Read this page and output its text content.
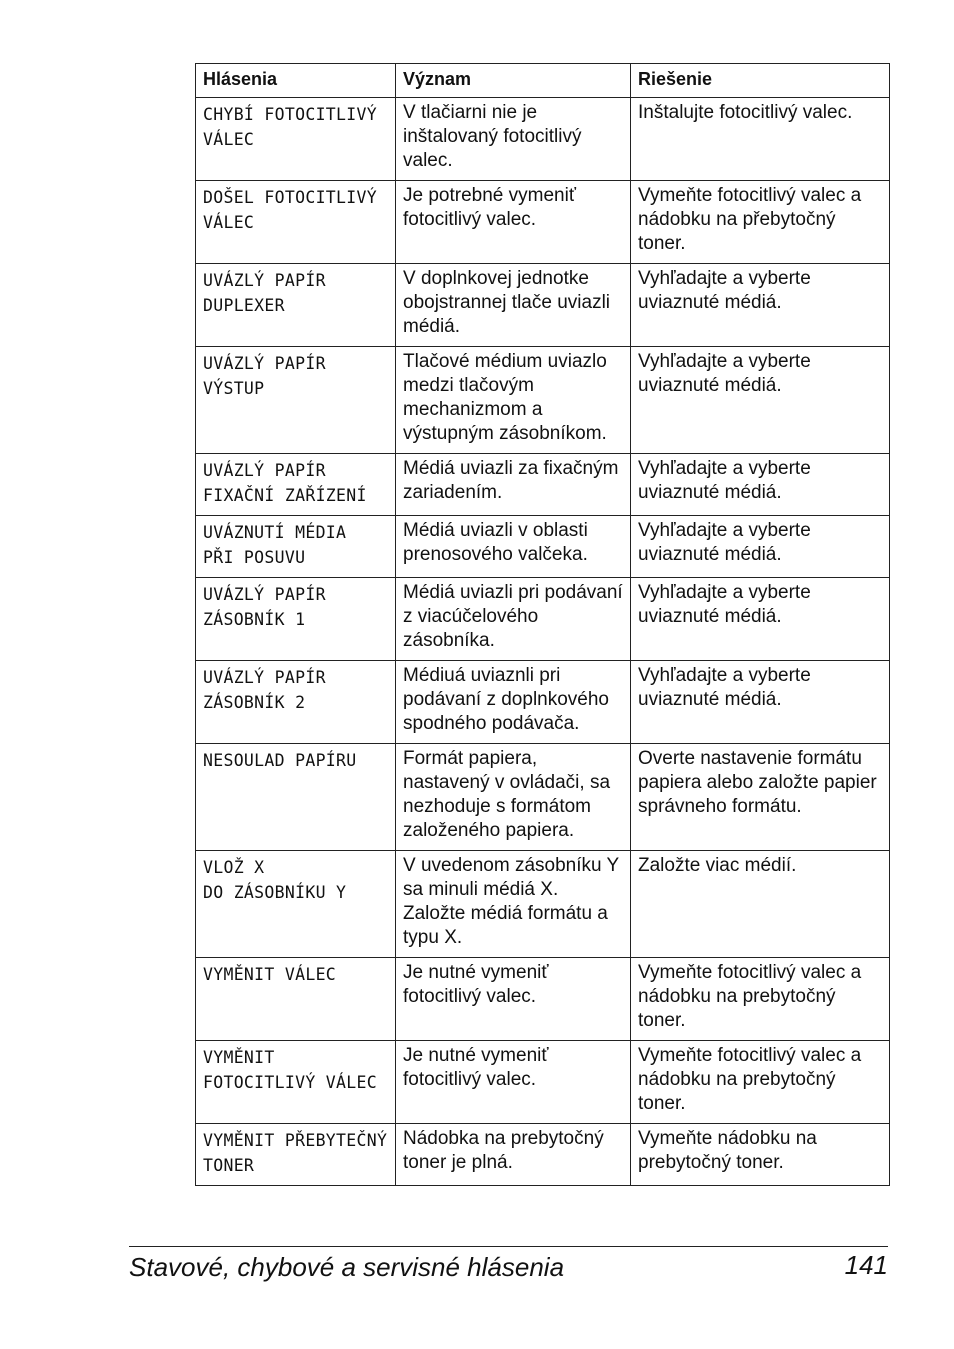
Hlásenia	Význam	Riešenie

CHYBÍ FOTOCITLIVÝ
VÁLEC	V tlačiarni nie je inštalovaný fotocitlivý valec.	Inštalujte fotocitlivý valec.

DOŠEL FOTOCITLIVÝ
VÁLEC	Je potrebné vymeniť fotocitlivý valec.	Vymeňte fotocitlivý valec a nádobku na přebytočný toner.

UVÁZLÝ PAPÍR
DUPLEXER	V doplnkovej jednotke obojstrannej tlače uviazli médiá.	Vyhľadajte a vyberte uviaznuté médiá.

UVÁZLÝ PAPÍR
VÝSTUP	Tlačové médium uviazlo medzi tlačovým mechanizmom a výstupným zásobníkom.	Vyhľadajte a vyberte uviaznuté médiá.

UVÁZLÝ PAPÍR
FIXAČNÍ ZAŘÍZENÍ	Médiá uviazli za fixačným zariadením.	Vyhľadajte a vyberte uviaznuté médiá.

UVÁZNUTÍ MÉDIA
PŘI POSUVU	Médiá uviazli v oblasti prenosového valčeka.	Vyhľadajte a vyberte uviaznuté médiá.

UVÁZLÝ PAPÍR
ZÁSOBNÍK 1	Médiá uviazli pri podávaní z viacúčelového zásobníka.	Vyhľadajte a vyberte uviaznuté médiá.

UVÁZLÝ PAPÍR
ZÁSOBNÍK 2	Médiuá uviaznli pri podávaní z doplnkového spodného podávača.	Vyhľadajte a vyberte uviaznuté médiá.

NESOULAD PAPÍRU	Formát papiera, nastavený v ovládači, sa nezhoduje s formátom založeného papiera.	Overte nastavenie formátu papiera alebo založte papier správneho formátu.

VLOŽ X
DO ZÁSOBNÍKU Y	V uvedenom zásobníku Y sa minuli médiá X. Založte médiá formátu a typu X.	Založte viac médií.

VYMĚNIT VÁLEC	Je nutné vymeniť fotocitlivý valec.	Vymeňte fotocitlivý valec a nádobku na prebytočný toner.

VYMĚNIT
FOTOCITLIVÝ VÁLEC	Je nutné vymeniť fotocitlivý valec.	Vymeňte fotocitlivý valec a nádobku na prebytočný toner.

VYMĚNIT PŘEBYTEČNÝ
TONER	Nádobka na prebytočný toner je plná.	Vymeňte nádobku na prebytočný toner.
Stavové, chybové a servisné hlásenia	141
